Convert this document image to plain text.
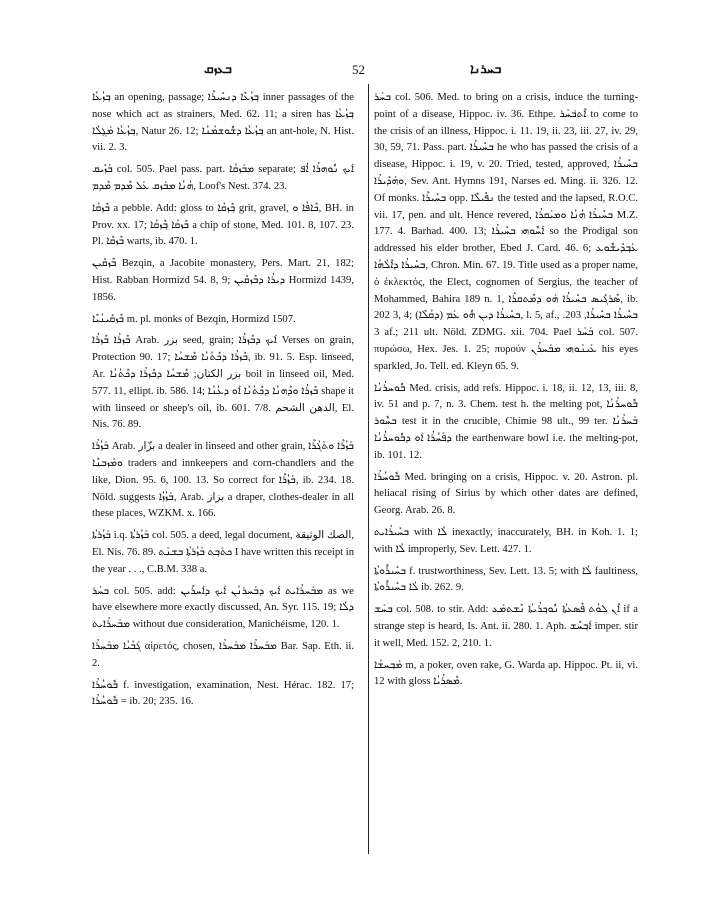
ܒܥܙܩ	52	ܒܚܪܢܐ

ܒ݂ܙܳܥܳܐ an opening, passage; ܒ݂ܙܳܥܶܐ ܕܢܚܺܝܪܶܐ inner passages of the nose which act as strainers, Med. 62. 11; a siren has ܒ݂ܙܳܥܳܐ ܒ݂ܙܳܥܳܐ ܡܰܓ̣ܠܳܐ, Natur 26. 12; ܒ݂ܙܳܥܳܐ ܕܫܽܘܫܡܳܢܳܐ an ant-hole, N. Hist. vii. 2. 3.

ܒܰܙܺܝܩ col. 505. Pael pass. part. ܡܒܰܙܩܳܐ separate; ܐܰܝܟ ܢܽܘܗܪܳܐ ܐܳܦ ܗܳܢܳܐ ܡܒܰܙܩ ܥܰܠ ܡܶܕܡ ܡܶܕܡ, Loof's Nest. 374. 23.

ܒܶܙܩܳܐ a pebble. Add: gloss to ܒ݂ܶܙܩܳܐ grit, gravel, ܟܶܐܦܳܐ ܘ, BH. in Prov. xx. 17; ܒܶܙܩܳܐ ܒ݂ܶܙܩܳܐ a chip of stone, Med. 101. 8, 107. 23. Pl. ܒܶܙܩܶܐ warts, ib. 470. 1.

ܒܶܙܩܺܝܢ Bezqin, a Jacobite monastery, Pers. Mart. 21, 182; Hist. Rabban Hormizd 54. 8, 9; ܕܝܪܳܐ ܕܒܶܙܩܺܝܢ Hormizd 1439, 1856.

ܒܶܙܩܺܝܢܳܝܶܐ m. pl. monks of Bezqin, Hormizd 1507.

ܒܶܙܪܳܐ ܒܶܙܪܳܐ Arab. بزر seed, grain; ܐܰܝܟ ܕܒܶܙܪܳܐ Verses on grain, Protection 90. 17; ܒܶܙܪܳܐ ܕܟܶܬܳܢܳܐ ܡܶܫܚܳܐ, ib. 91. 5. Esp. linseed, Ar. بزر الكتان; ܡܶܫܚܳܐ ܕܒܶܙܪܳܐ ܕܟܶܬܳܢܳܐ boil in linseed oil, Med. 577. 11, ellipt. ib. 586. 14; ܒܶܙܪܳܐ ܘܕܶܗܢܳܐ ܕܟܶܬܳܢܳܐ ܐܰܘ ܕܥܳܢܳܐ shape it with linseed or sheep's oil, ib. 601. 7/8. الدهن الشحم, El. Nis. 76. 89.

ܒܰܙܳܪܳܐ Arab. بزّار a dealer in linseed and other grain, ܒܰܙܳܪܶܐ ܘܬܰܓܳܪܶܐ ܘܡܰܙܒܢܶܐ traders and innkeepers and corn-chandlers and the like, Dion. 95. 6, 100. 13. So correct for ܒܰܙܳܪܶܐ, ib. 234. 18. Nöld. suggests ܒܰܙܳܙܳܐ, Arab. بزاز a draper, clothes-dealer in all these places, WZKM. x. 166.

ܒܰܙܳܪܬܳܐ i.q. ܒܰܙܳܪܬܳܐ col. 505. a deed, legal document, الصك الوثيقة, El. Nis. 76. 89. ܟܬܰܒ݂ܬ ܒܰܙܳܪܬܳܐ ܒܫܢܰܬ I have written this receipt in the year . . ., C.B.M. 338 a.

ܒܚܰܪ col. 505. add: ܡܒܰܚܪܳܐܝܬ ܐܰܝܟ ܕܒܰܚܪܢܳܢ ܐܰܝܟ ܕܐܰܚܪܺܝܢ as we have elsewhere more exactly discussed, An. Syr. 115. 19; ܕܠܳܐ ܡܒܰܚܪܳܐܝܬ without due consideration, Manichéisme, 120. 1.

ܓܰܒܳܝܳܐ ܡܒܰܚܪܳܐ αἱρετός, chosen, ܡܒܰܚܪܳܐ ܡܒܰܚܪܳܐ Bar. Sap. Eth. ii. 2.

ܒܽܘܚܳܪܳܐ f. investigation, examination, Nest. Hérac. 182. 17; ܒܽܘܚܳܪܳܐ = ib. 20; 235. 16.

ܒܚܰܪ col. 506. Med. to bring on a crisis, induce the turning-point of a disease, Hippoc. iv. 36. Ethpe. ܐܶܬܒ݁ܚܰܪ to come to the crisis of an illness, Hippoc. i. 11. 19, ii. 23, iii. 27, iv. 29, 30, 59, 71. Pass. part. ܒܚܺܝܪܳܐ he who has passed the crisis of a disease, Hippoc. i. 19, v. 20. Tried, tested, approved, ܒܚܺܝܪܳܐ ܘܗܰܕܺܝܪܳܐ, Sev. Ant. Hymns 191, Narses ed. Ming. ii. 326. 12. Of monks. ܒܚܺܝܪܶܐ opp. ܢܦܺܝܠܶܐ the tested and the lapsed, R.O.C. vii. 17, pen. and ult. Hence revered, ܒܚܺܝܪܳܐ ܗܳܢܳܐ ܘܡܝܰܩܪܳܐ M.Z. 177. 4. Barhad. 400. 13; ܐܰܚܽܘܗܝ ܒܚܺܝܪܳܐ so the Prodigal son addressed his elder brother, Ebed J. Card. 46. 6; ܥܰܒ݂ܕܺܝܫܽܘܥ ܒܚܺܝܪܳܐ ܕܐܶܠܳܗܳܐ, Chron. Min. 67. 19. Title used as a proper name, ὁ ἐκλεκτός, the Elect, cognomen of Sergius, the teacher of Mohammed, Bahira 189 n. 1, ܣܶܪܓܺܝܣ ܒܚܺܝܪܳܐ ܗܰܘ ܕܡܶܬܩܪܶܐ, ib. 202 3, 4; ܒܚܺܝܪܳܐ ܕܝܢ ܗܽܘ ܥܰܡ (ܕܩܳܠܶܐ), l. 5, af., ܒܚܺܝܪܳܐ ܒܚܺܝܪܳܐ, 203. 3 af.; 211 ult. Nöld. ZDMG. xii. 704. Pael ܒܰܚܰܪ col. 507. πυρώσω, Hex. Jes. 1. 25; πυρούν ܥܰܝܢܰܘܗܝ ܡܒܰܚܪܳܢ his eyes sparkled, Jo. Tell. ed. Kleyn 65. 9.

ܒܽܘܚܪܳܢܳܐ Med. crisis, add refs. Hippoc. i. 18, ii. 12, 13, iii. 8, iv. 51 and p. 7, n. 3. Chem. test h. the melting pot, ܒܽܘܚܪܳܢܳܐ ܒܚܽܘܪ test it in the crucible, Chimie 98 ult., 99 ter. ܒܰܚܪܳܢܳܐ ܕܦܰܚܳܪܳܐ ܐܰܘ ܕܒܽܘܚܪܳܢܳܐ the earthenware bowl i.e. the melting-pot, ib. 101. 12.

ܒܽܘܚܳܪܳܐ Med. bringing on a crisis, Hippoc. v. 20. Astron. pl. heliacal rising of Sirius by which other dates are defined, Georg. Arab. 26. 8.

ܒܚܺܝܪܳܐܝܬ with ܠܳܐ inexactly, inaccurately, BH. in Koh. 1. 1; with ܠܳܐ improperly, Sev. Lett. 427. 1.

ܒܚܺܝܪܽܘܬܳܐ f. trustworthiness, Sev. Lett. 13. 5; with ܠܳܐ faultiness, ܠܳܐ ܒܚܺܝܪܽܘܬܳܐ ib. 262. 9.

ܒܚܰܫ col. 508. to stir. Add: ܐܶܢ ܠܘܳܬ ܦܶܣܥܬܳܐ ܢܽܘܟ݂ܪܳܝܬܳܐ ܢܶܫܬܡܰܥ if a strange step is heard, Is. Ant. ii. 280. 1. Aph. ܐܰܒ݂ܚܶܫ imper. stir it well, Med. 152. 2, 210. 1.

ܡܰܒ݂ܚܫܳܐ m, a poker, oven rake, G. Warda ap. Hippoc. Pt. ii, vi. 12 with gloss ܡܶܣܪܳܝܳܐ.
